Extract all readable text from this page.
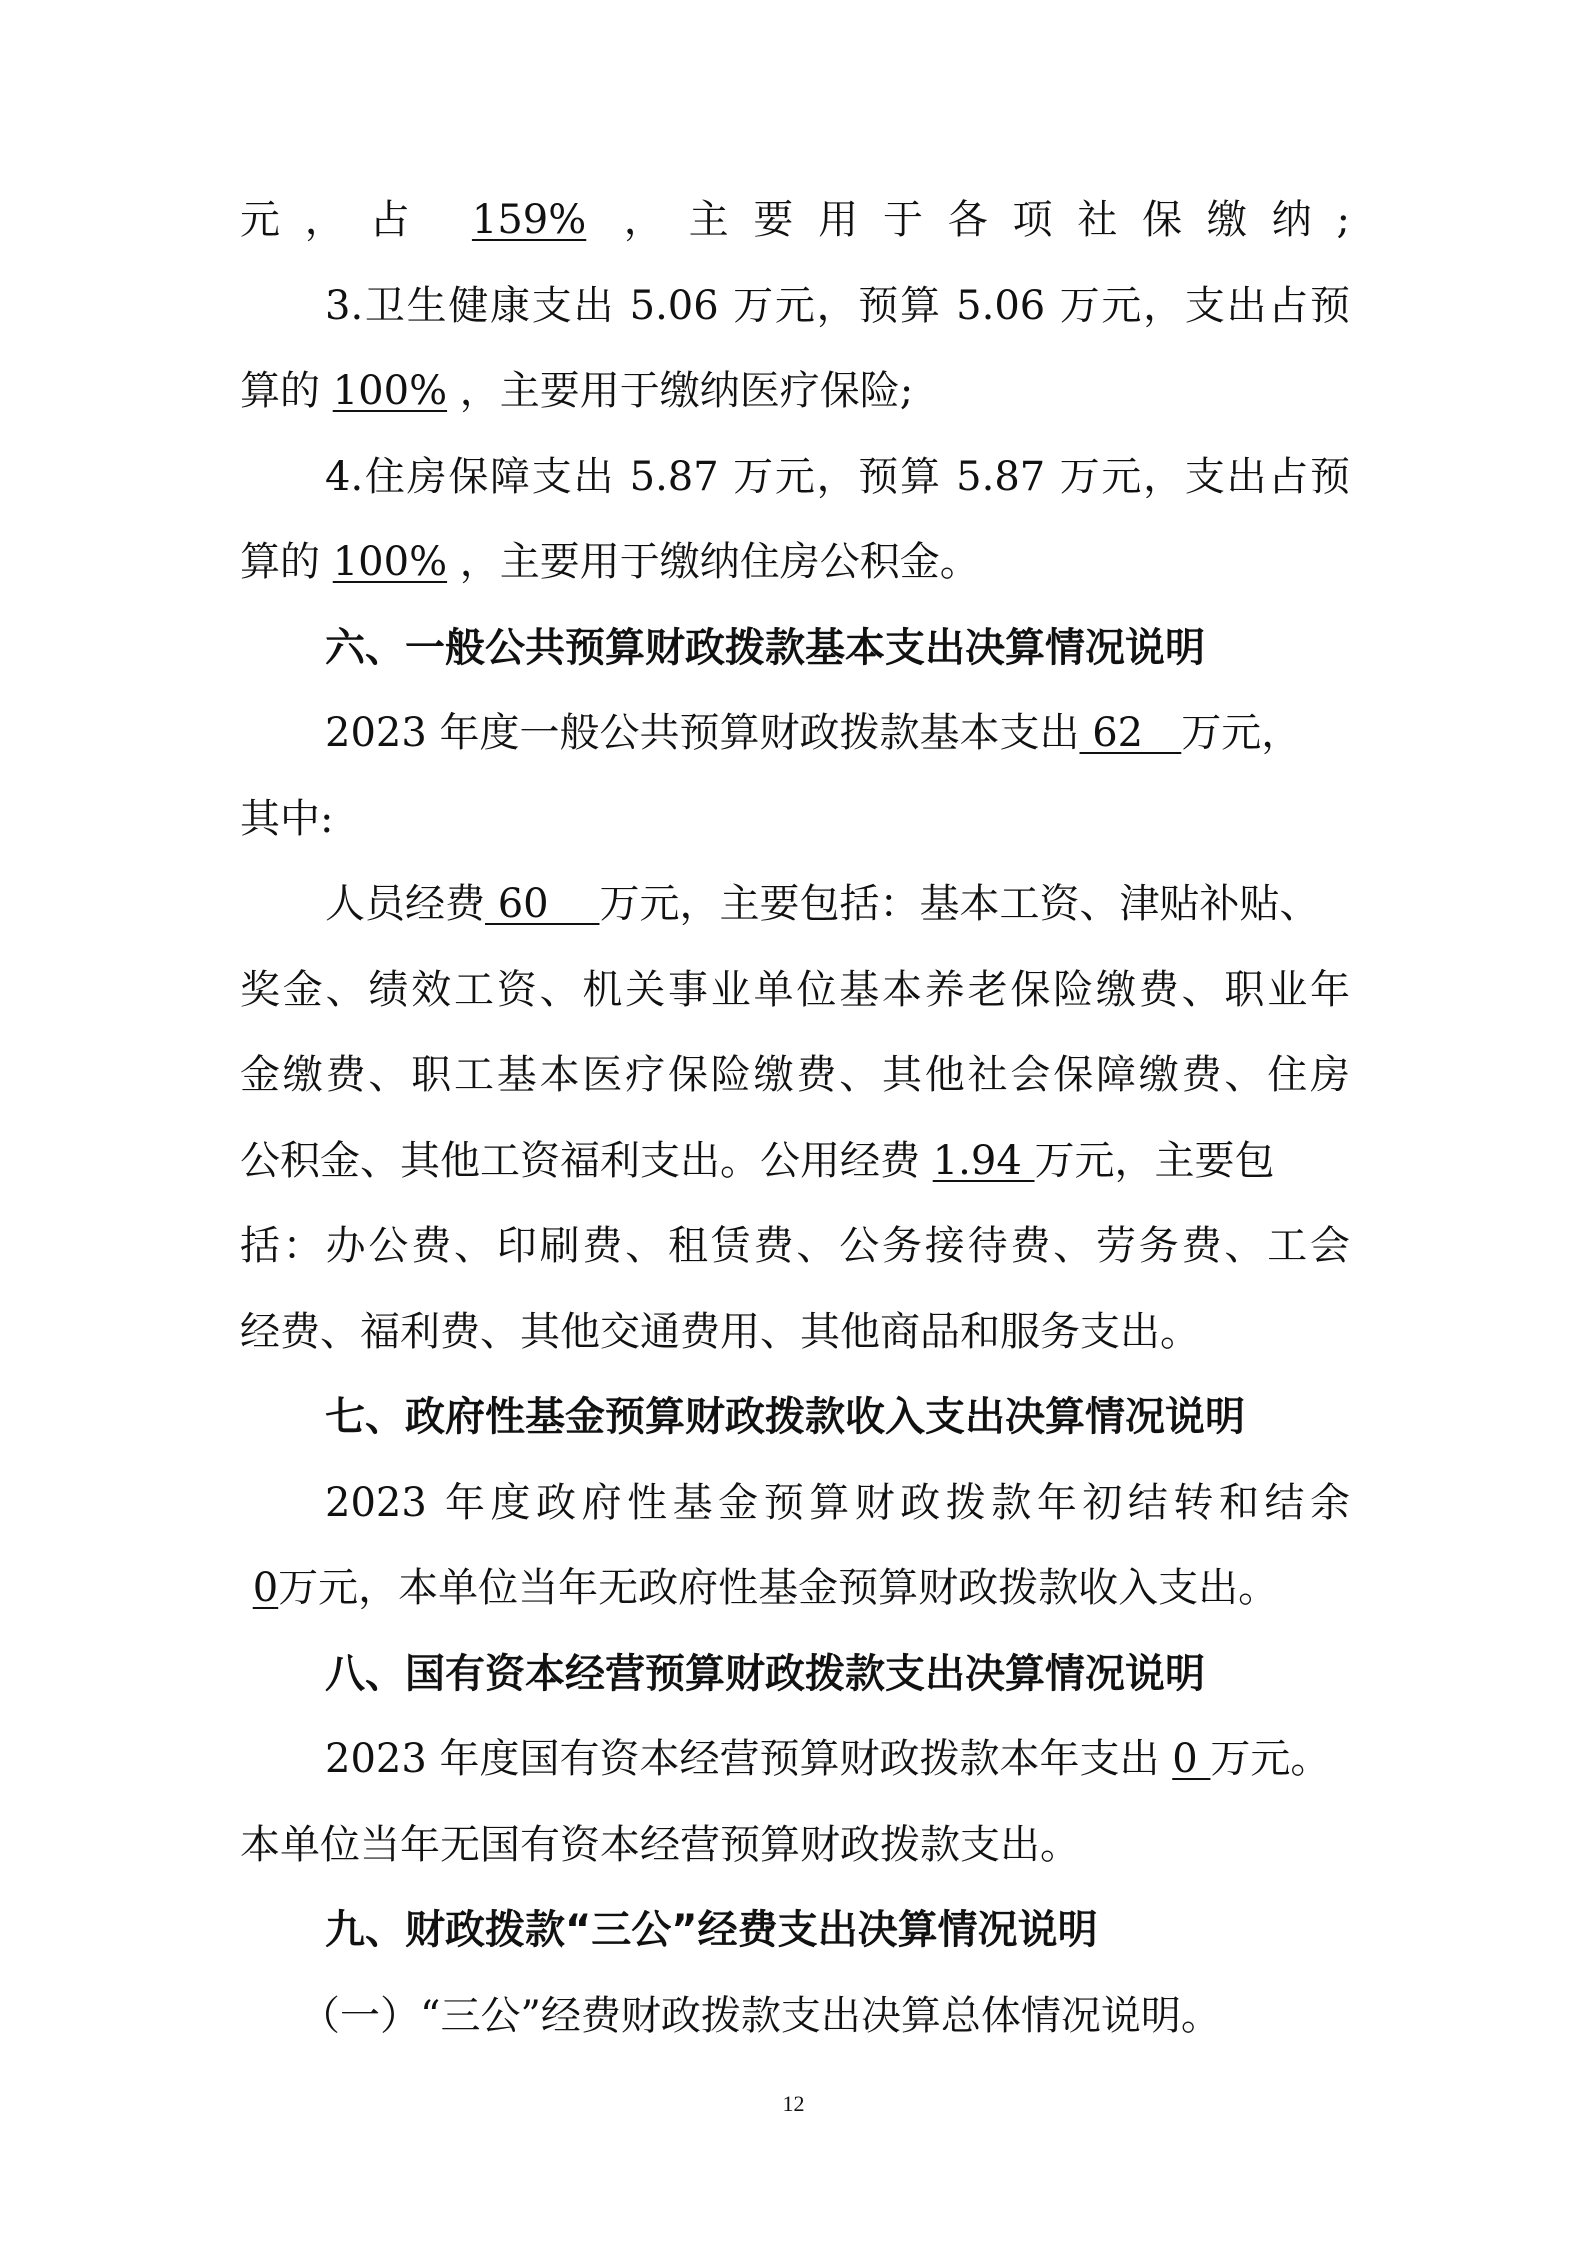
元，占 159% ，主要用于各项社保缴纳;
3.卫生健康支出 5.06 万元，预算 5.06 万元，支出占预
算的 100% ，主要用于缴纳医疗保险;
4.住房保障支出 5.87 万元，预算 5.87 万元，支出占预
算的 100% ，主要用于缴纳住房公积金。
六、一般公共预算财政拨款基本支出决算情况说明
2023 年度一般公共预算财政拨款基本支出 62   万元，
其中:
人员经费 60    万元，主要包括：基本工资、津贴补贴、
奖金、绩效工资、机关事业单位基本养老保险缴费、职业年
金缴费、职工基本医疗保险缴费、其他社会保障缴费、住房
公积金、其他工资福利支出。公用经费 1.94 万元，主要包
括：办公费、印刷费、租赁费、公务接待费、劳务费、工会
经费、福利费、其他交通费用、其他商品和服务支出。
七、政府性基金预算财政拨款收入支出决算情况说明
2023 年度政府性基金预算财政拨款年初结转和结余
0万元，本单位当年无政府性基金预算财政拨款收入支出。
八、国有资本经营预算财政拨款支出决算情况说明
2023 年度国有资本经营预算财政拨款本年支出 0 万元。
本单位当年无国有资本经营预算财政拨款支出。
九、财政拨款“三公”经费支出决算情况说明
（一）“三公”经费财政拨款支出决算总体情况说明。
12
